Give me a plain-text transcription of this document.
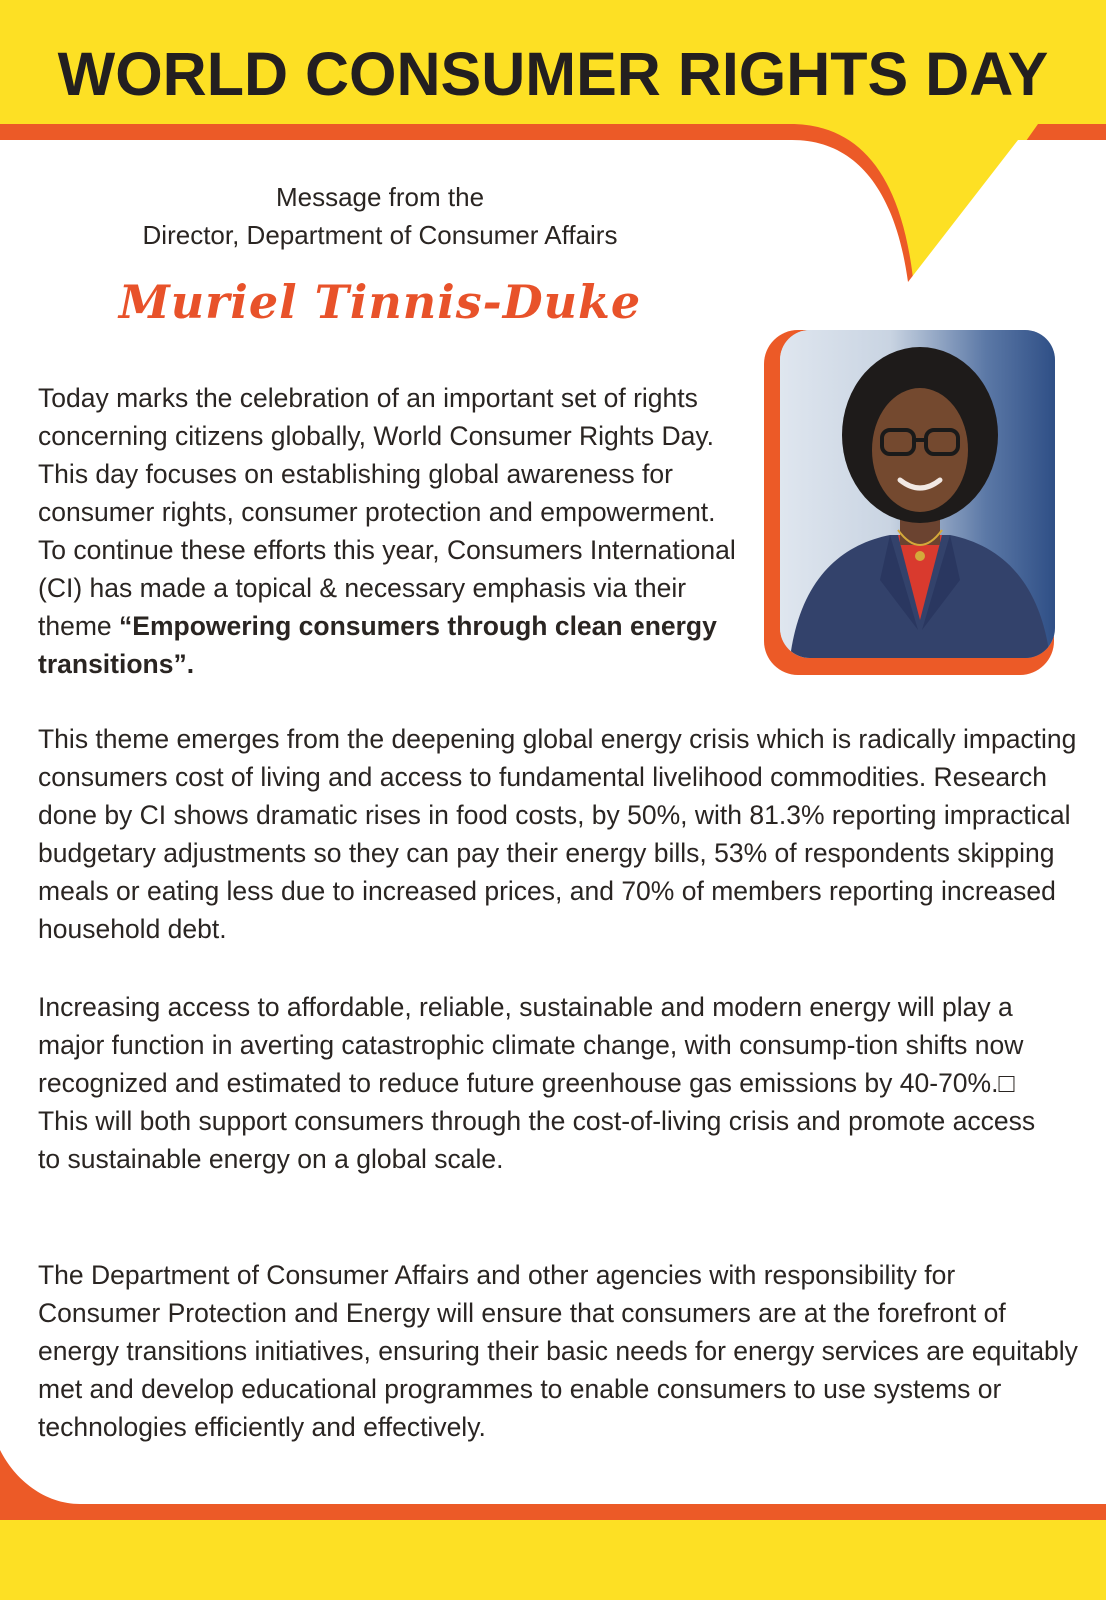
WORLD CONSUMER RIGHTS DAY
Message from the
Director, Department of Consumer Affairs
Muriel Tinnis-Duke

Today marks the celebration of an important set of rights concerning citizens globally, World Consumer Rights Day. This day focuses on establishing global awareness for consumer rights, consumer protection and empowerment. To continue these efforts this year, Consumers International (CI) has made a topical & necessary emphasis via their theme “Empowering consumers through clean energy transitions”.

This theme emerges from the deepening global energy crisis which is radically impacting consumers cost of living and access to fundamental livelihood commodities. Research done by CI shows dramatic rises in food costs, by 50%, with 81.3% reporting impractical budgetary adjustments so they can pay their energy bills, 53% of respondents skipping meals or eating less due to increased prices, and 70% of members reporting increased household debt.

Increasing access to affordable, reliable, sustainable and modern energy will play a major function in averting catastrophic climate change, with consump-tion shifts now recognized and estimated to reduce future greenhouse gas emissions by 40-70%.□ This will both support consumers through the cost-of-living crisis and promote access to sustainable energy on a global scale.

The Department of Consumer Affairs and other agencies with responsibility for Consumer Protection and Energy will ensure that consumers are at the forefront of energy transitions initiatives, ensuring their basic needs for energy services are equitably met and develop educational programmes to enable consumers to use systems or technologies efficiently and effectively.
